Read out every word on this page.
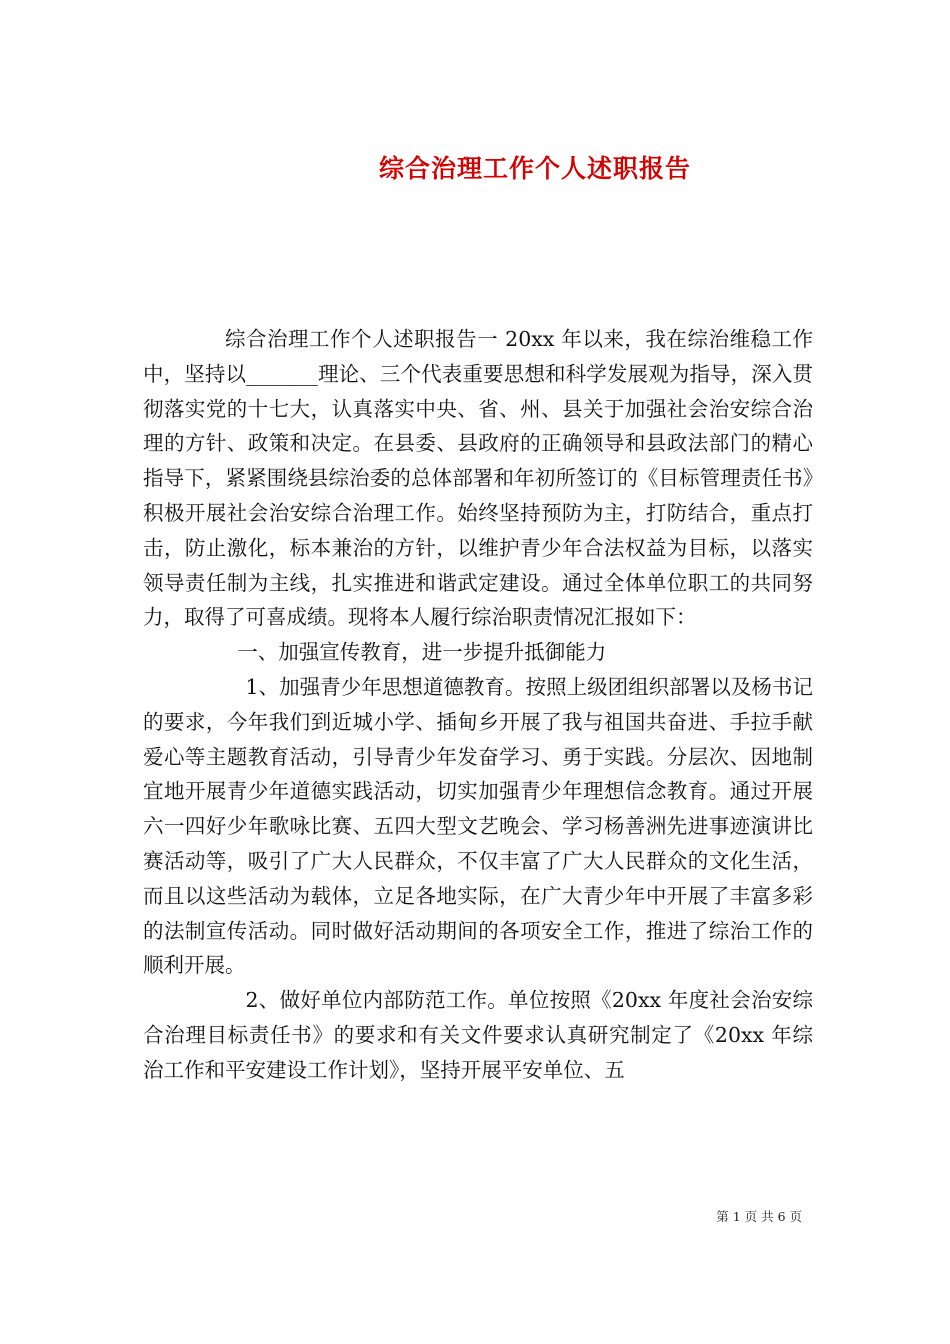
综合治理工作个人述职报告

综合治理工作个人述职报告一 20xx 年以来，我在综治维稳工作中，坚持以_______理论、三个代表重要思想和科学发展观为指导，深入贯彻落实党的十七大，认真落实中央、省、州、县关于加强社会治安综合治理的方针、政策和决定。在县委、县政府的正确领导和县政法部门的精心指导下，紧紧围绕县综治委的总体部署和年初所签订的《目标管理责任书》积极开展社会治安综合治理工作。始终坚持预防为主，打防结合，重点打击，防止激化，标本兼治的方针，以维护青少年合法权益为目标，以落实领导责任制为主线，扎实推进和谐武定建设。通过全体单位职工的共同努力，取得了可喜成绩。现将本人履行综治职责情况汇报如下：

一、加强宣传教育，进一步提升抵御能力

1、加强青少年思想道德教育。按照上级团组织部署以及杨书记的要求，今年我们到近城小学、插甸乡开展了我与祖国共奋进、手拉手献爱心等主题教育活动，引导青少年发奋学习、勇于实践。分层次、因地制宜地开展青少年道德实践活动，切实加强青少年理想信念教育。通过开展六一四好少年歌咏比赛、五四大型文艺晚会、学习杨善洲先进事迹演讲比赛活动等，吸引了广大人民群众，不仅丰富了广大人民群众的文化生活，而且以这些活动为载体，立足各地实际，在广大青少年中开展了丰富多彩的法制宣传活动。同时做好活动期间的各项安全工作，推进了综治工作的顺利开展。

2、做好单位内部防范工作。单位按照《20xx 年度社会治安综合治理目标责任书》的要求和有关文件要求认真研究制定了《20xx 年综治工作和平安建设工作计划》，坚持开展平安单位、五

第 1 页 共 6 页
